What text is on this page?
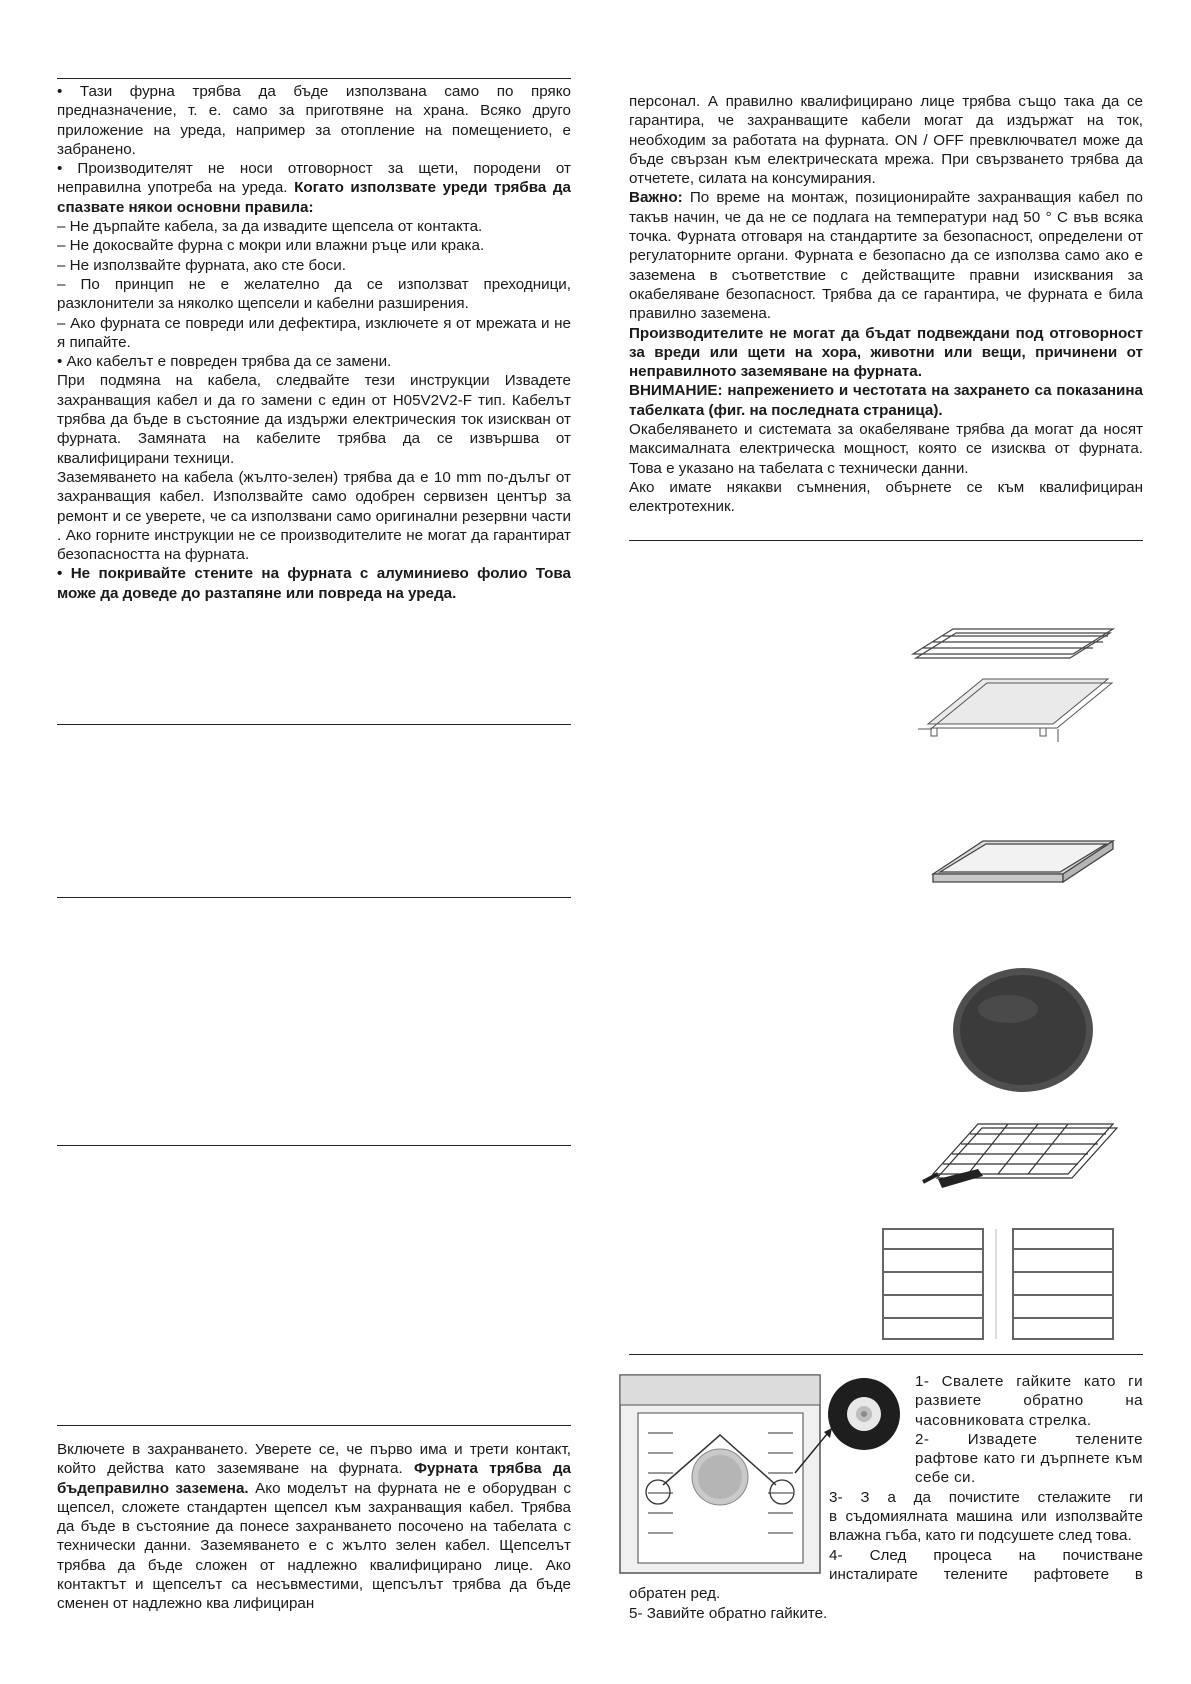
• Тази фурна трябва да бъде използвана само по пряко предназначение, т. е. само за приготвяне на храна. Всяко друго приложение на уреда, например за отопление на помещението, е забранено.

• Производителят не носи отговорност за щети, породени от неправилна употреба на уреда. Когато използвате уреди трябва да спазвате някои основни правила:

– Не дърпайте кабела, за да извадите щепсела от контакта.

– Не докосвайте фурна с мокри или влажни ръце или крака.

– Не използвайте фурната, ако сте боси.

– По принцип не е желателно да се използват преходници, разклонители за няколко щепсели и кабелни разширения.

– Ако фурната се повреди или дефектира, изключете я от мрежата и не я пипайте.

• Ако кабелът е повреден трябва да се замени.

При подмяна на кабела, следвайте тези инструкции Извадете захранващия кабел и да го замени с един от H05V2V2-F тип. Кабелът трябва да бъде в състояние да издържи електрическия ток изискван от фурната. Замяната на кабелите трябва да се извършва от квалифицирани техници.

Заземяването на кабела (жълто-зелен) трябва да е 10 mm по-дълъг от захранващия кабел. Използвайте само одобрен сервизен център за ремонт и се уверете, че са използвани само оригинални резервни части . Ако горните инструкции не се производителите не могат да гарантират безопасността на фурната.

• Не покривайте стените на фурната с алуминиево фолио Това може да доведе до разтапяне или повреда на уреда.

Включете в захранването. Уверете се, че първо има и трети контакт, който действа като заземяване на фурната. Фурната трябва да бъдеправилно заземена. Ако моделът на фурната не е оборудван с щепсел, сложете стандартен щепсел към захранващия кабел. Трябва да бъде в състояние да понесе захранването посочено на табелата с технически данни. Заземяването е с жълто зелен кабел. Щепселът трябва да бъде сложен от надлежно квалифицирано лице. Ако контактът и щепселът са несъвместими, щепсълът трябва да бъде сменен от надлежно ква лифициран

персонал. А правилно квалифицирано лице трябва също така да се гарантира, че захранващите кабели могат да издържат на ток, необходим за работата на фурната. ON / OFF превключвател може да бъде свързан към електрическата мрежа. При свързването трябва да отчетете, силата на консумирания.

Важно: По време на монтаж, позиционирайте захранващия кабел по такъв начин, че да не се подлага на температури над 50 ° C във всяка точка. Фурната отговаря на стандартите за безопасност, определени от регулаторните органи. Фурната е безопасно да се използва само ако е заземена в съответствие с действащите правни изисквания за окабеляване безопасност. Трябва да се гарантира, че фурната е била правилно заземена.

Производителите не могат да бъдат подвеждани под отговорност за вреди или щети на хора, животни или вещи, причинени от неправилното заземяване на фурната.

ВНИМАНИЕ: напрежението и честотата на захрането са показанина табелката (фиг. на последната страница).

Окабеляването и системата за окабеляване трябва да могат да носят максималната електрическа мощност, която се изисква от фурната. Това е указано на табелата с технически данни.

Ако имате някакви съмнения, обърнете се към квалифициран електротехник.

1- Свалете гайките като ги развиете обратно на часовниковата стрелка.

2- Извадете телените рафтове като ги дърпнете към себе си.

3- З а да почистите стелажите ги

в съдомиялната машина или използвайте влажна гъба, като ги подсушете след това.

4- След процеса на почистване

инсталирате телените рафтовете в

обратен ред.

5- Завийте обратно гайките.
